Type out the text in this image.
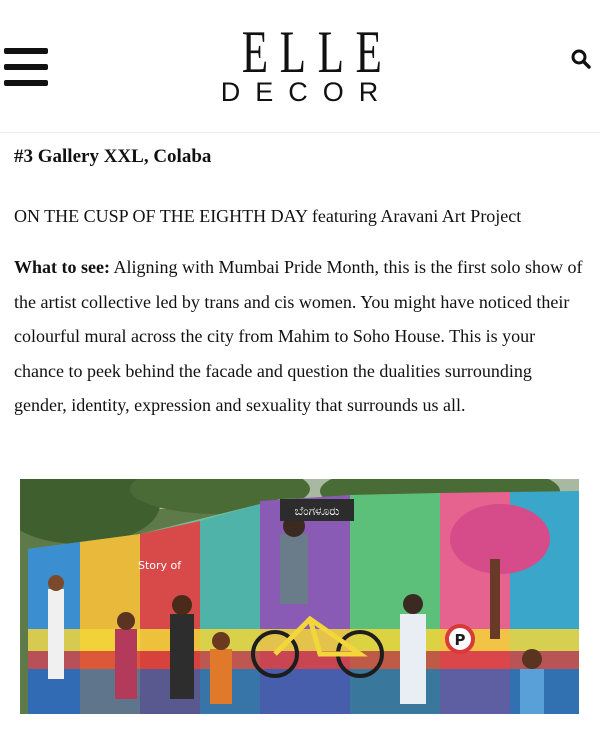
ELLE
DECOR
#3 Gallery XXL, Colaba

ON THE CUSP OF THE EIGHTH DAY featuring Aravani Art Project

What to see: Aligning with Mumbai Pride Month, this is the first solo show of the artist collective led by trans and cis women. You might have noticed their colourful mural across the city from Mahim to Soho House. This is your chance to peek behind the facade and question the dualities surrounding gender, identity, expression and sexuality that surrounds us all.

ಬೆಂಗಳೂರು
Story of
P
